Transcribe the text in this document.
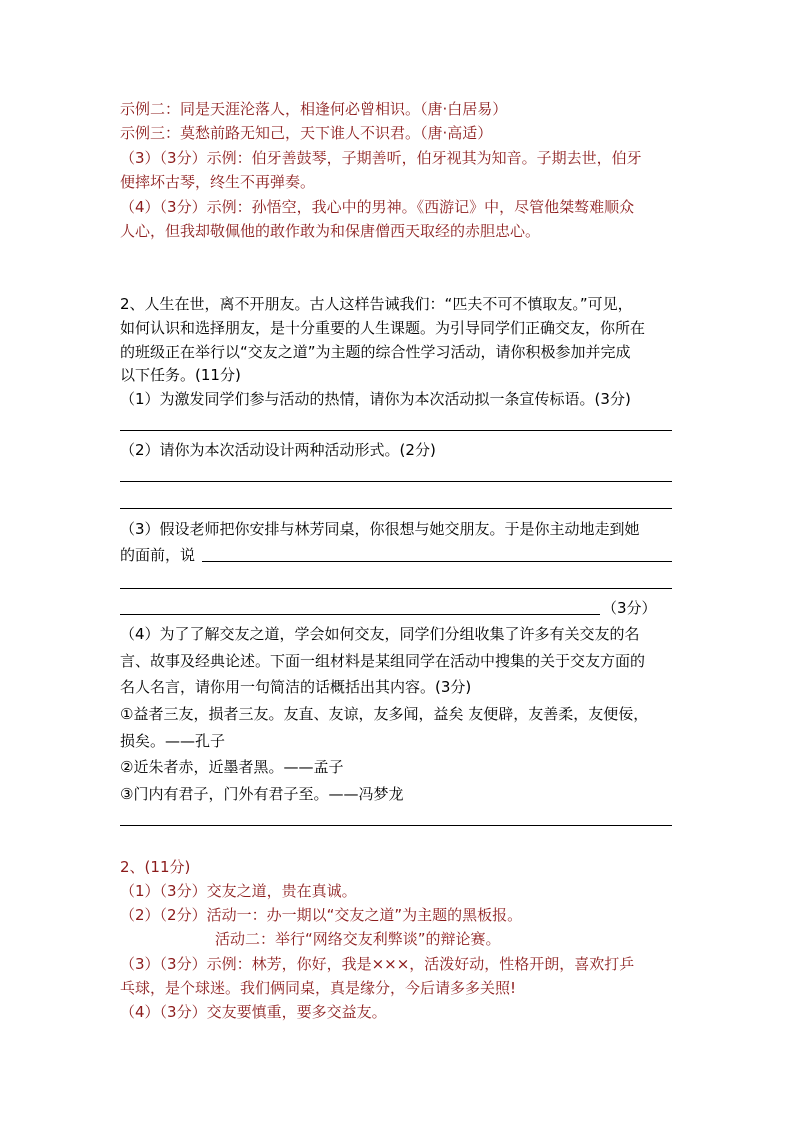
示例二：同是天涯沦落人，相逢何必曾相识。（唐·白居易）
示例三：莫愁前路无知己，天下谁人不识君。（唐·高适）
（3）（3分）示例：伯牙善鼓琴，子期善听，伯牙视其为知音。子期去世，伯牙
便摔坏古琴，终生不再弹奏。
（4）（3分）示例：孙悟空，我心中的男神。《西游记》中，尽管他桀骜难顺众
人心，但我却敬佩他的敢作敢为和保唐僧西天取经的赤胆忠心。
2、人生在世，离不开朋友。古人这样告诫我们：“匹夫不可不慎取友。”可见，
如何认识和选择朋友，是十分重要的人生课题。为引导同学们正确交友，你所在
的班级正在举行以“交友之道”为主题的综合性学习活动，请你积极参加并完成
以下任务。(11分)
（1）为激发同学们参与活动的热情，请你为本次活动拟一条宣传标语。(3分)
（2）请你为本次活动设计两种活动形式。(2分)
（3）假设老师把你安排与林芳同桌，你很想与她交朋友。于是你主动地走到她
的面前，说
（3分）
（4）为了了解交友之道，学会如何交友，同学们分组收集了许多有关交友的名
言、故事及经典论述。下面一组材料是某组同学在活动中搜集的关于交友方面的
名人名言，请你用一句简洁的话概括出其内容。(3分)
①益者三友，损者三友。友直、友谅，友多闻，益矣 友便辟，友善柔，友便佞，
损矣。——孔子
②近朱者赤，近墨者黑。——孟子
③门内有君子，门外有君子至。——冯梦龙
2、(11分)
（1）（3分）交友之道，贵在真诚。
（2）（2分）活动一：办一期以“交友之道”为主题的黑板报。
活动二：举行“网络交友利弊谈”的辩论赛。
（3）（3分）示例：林芳，你好，我是×××，活泼好动，性格开朗，喜欢打乒
乓球，是个球迷。我们俩同桌，真是缘分，今后请多多关照!
（4）（3分）交友要慎重，要多交益友。
